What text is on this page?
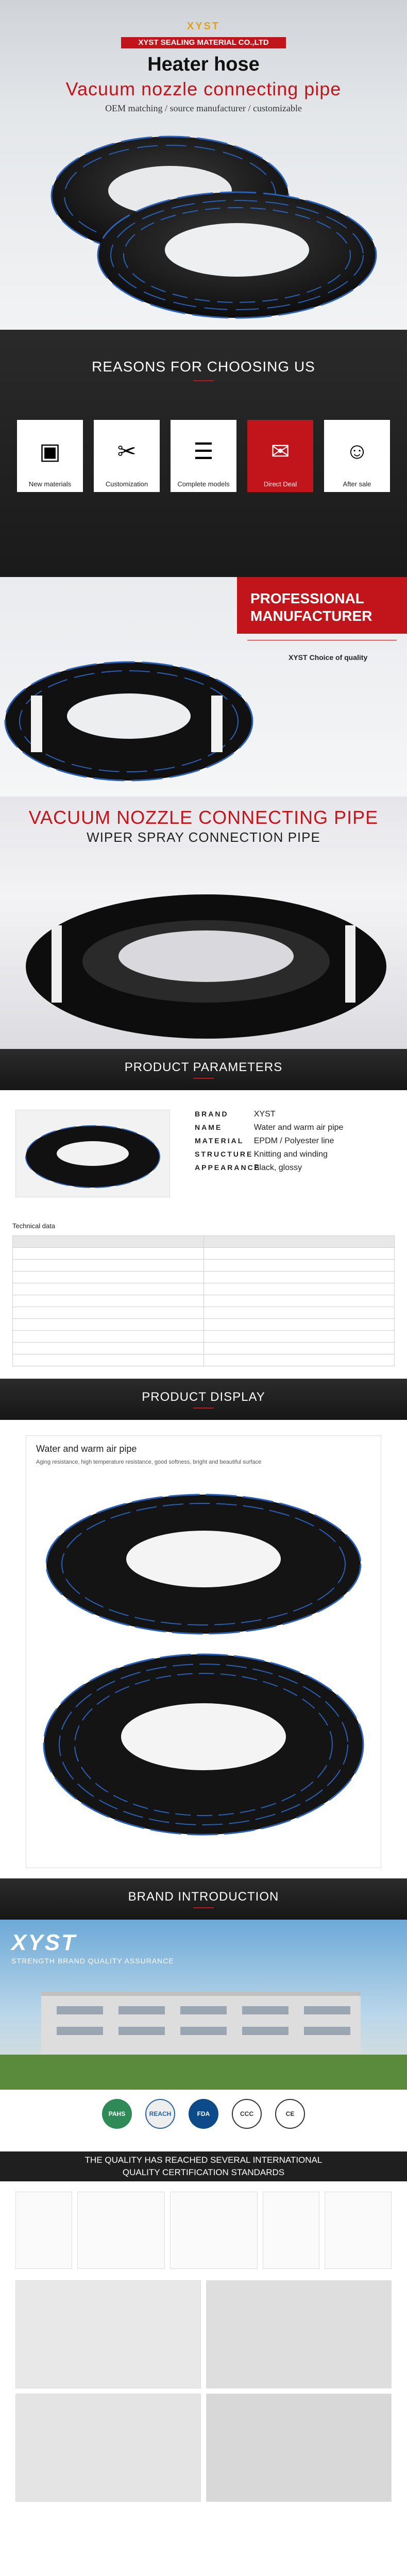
XYST
XYST SEALING MATERIAL CO.,LTD
Heater hose
Vacuum nozzle connecting pipe
OEM matching / source manufacturer / customizable
REASONS FOR CHOOSING US
▣
New materials
✂
Customization
☰
Complete models
✉
Direct Deal
☺
After sale
PROFESSIONAL
MANUFACTURER
XYST Choice of quality
VACUUM NOZZLE CONNECTING PIPE
WIPER SPRAY CONNECTION PIPE
PRODUCT PARAMETERS
BRAND	XYST
NAME	Water and warm air pipe
MATERIAL EPDM / Polyester line
STRUCTURE Knitting and winding
APPEARANCE Black, glossy
Technical data

PRODUCT DISPLAY
Water and warm air pipe
Aging resistance, high temperature resistance, good softness, bright and beautiful surface
BRAND INTRODUCTION
XYST
STRENGTH BRAND QUALITY ASSURANCE
PAHS	REACH	FDA	CCC	CE
THE QUALITY HAS REACHED SEVERAL INTERNATIONAL
QUALITY CERTIFICATION STANDARDS
